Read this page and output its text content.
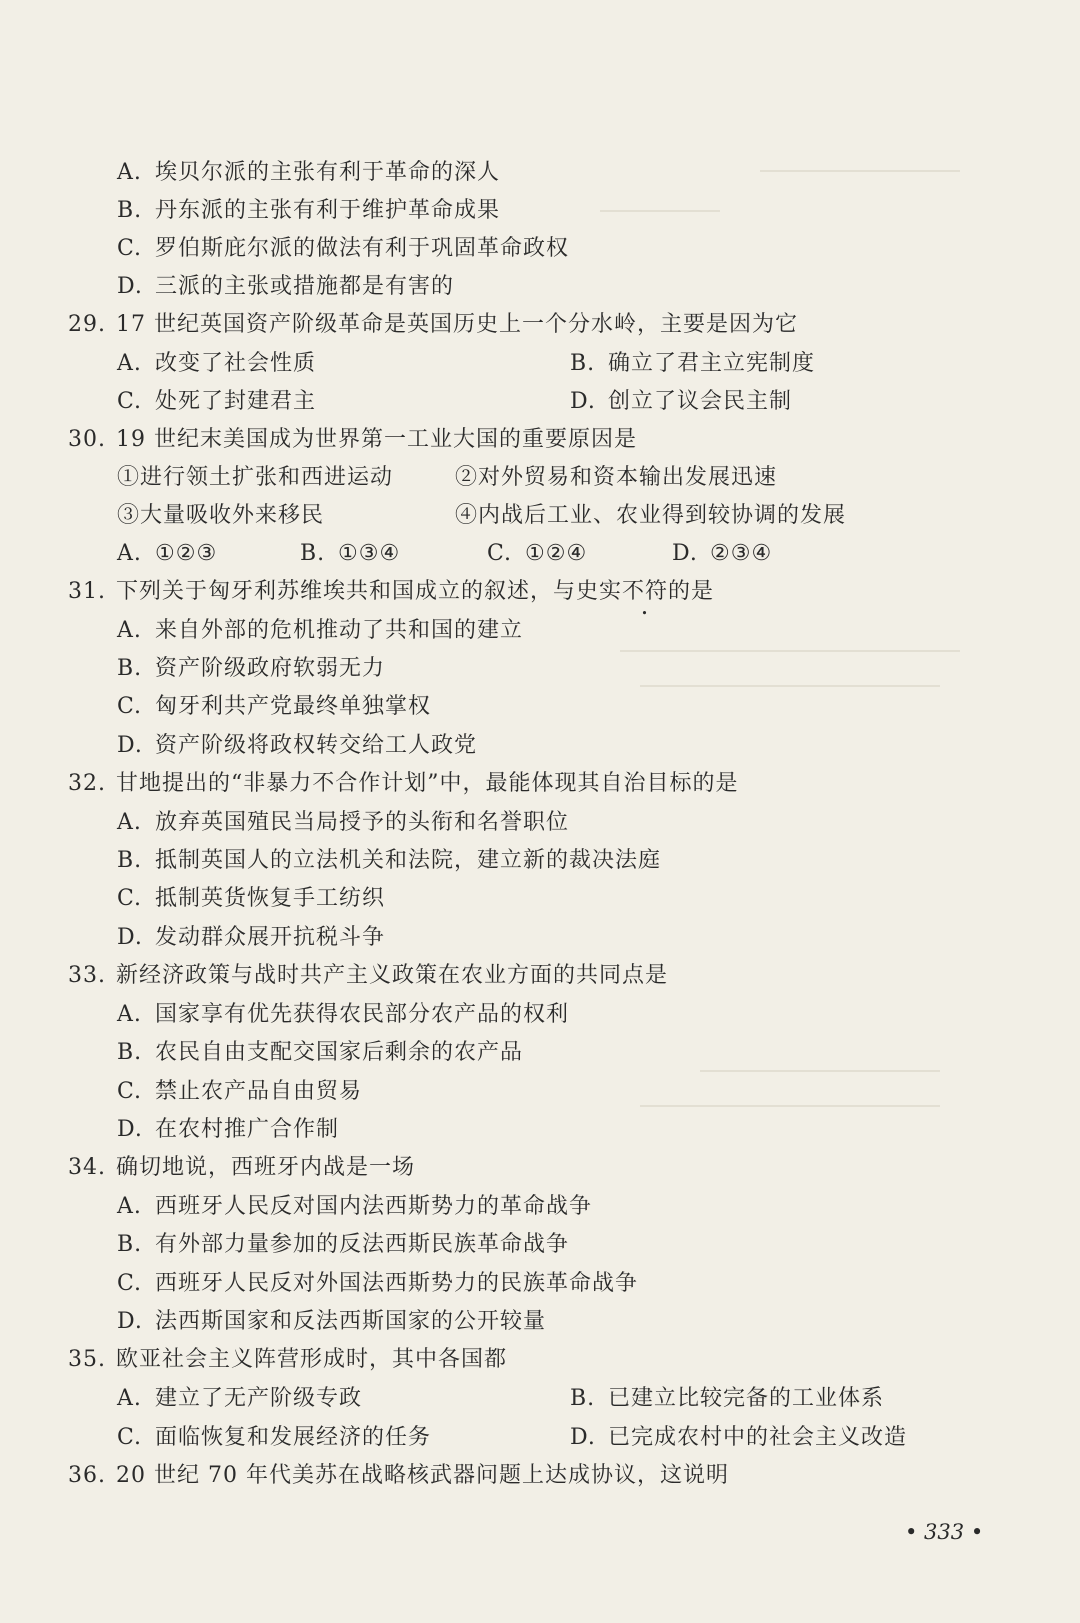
A. 埃贝尔派的主张有利于革命的深人
B. 丹东派的主张有利于维护革命成果
C. 罗伯斯庇尔派的做法有利于巩固革命政权
D. 三派的主张或措施都是有害的
29. 17 世纪英国资产阶级革命是英国历史上一个分水岭，主要是因为它
A. 改变了社会性质	B. 确立了君主立宪制度
C. 处死了封建君主	D. 创立了议会民主制
30. 19 世纪末美国成为世界第一工业大国的重要原因是
①进行领土扩张和西进运动	②对外贸易和资本输出发展迅速
③大量吸收外来移民	④内战后工业、农业得到较协调的发展
A. ①②③	B. ①③④	C. ①②④	D. ②③④
31. 下列关于匈牙利苏维埃共和国成立的叙述，与史实不符的是
A. 来自外部的危机推动了共和国的建立
B. 资产阶级政府软弱无力
C. 匈牙利共产党最终单独掌权
D. 资产阶级将政权转交给工人政党
32. 甘地提出的“非暴力不合作计划”中，最能体现其自治目标的是
A. 放弃英国殖民当局授予的头衔和名誉职位
B. 抵制英国人的立法机关和法院，建立新的裁决法庭
C. 抵制英货恢复手工纺织
D. 发动群众展开抗税斗争
33. 新经济政策与战时共产主义政策在农业方面的共同点是
A. 国家享有优先获得农民部分农产品的权利
B. 农民自由支配交国家后剩余的农产品
C. 禁止农产品自由贸易
D. 在农村推广合作制
34. 确切地说，西班牙内战是一场
A. 西班牙人民反对国内法西斯势力的革命战争
B. 有外部力量参加的反法西斯民族革命战争
C. 西班牙人民反对外国法西斯势力的民族革命战争
D. 法西斯国家和反法西斯国家的公开较量
35. 欧亚社会主义阵营形成时，其中各国都
A. 建立了无产阶级专政	B. 已建立比较完备的工业体系
C. 面临恢复和发展经济的任务	D. 已完成农村中的社会主义改造
36. 20 世纪 70 年代美苏在战略核武器问题上达成协议，这说明
• 333 •
